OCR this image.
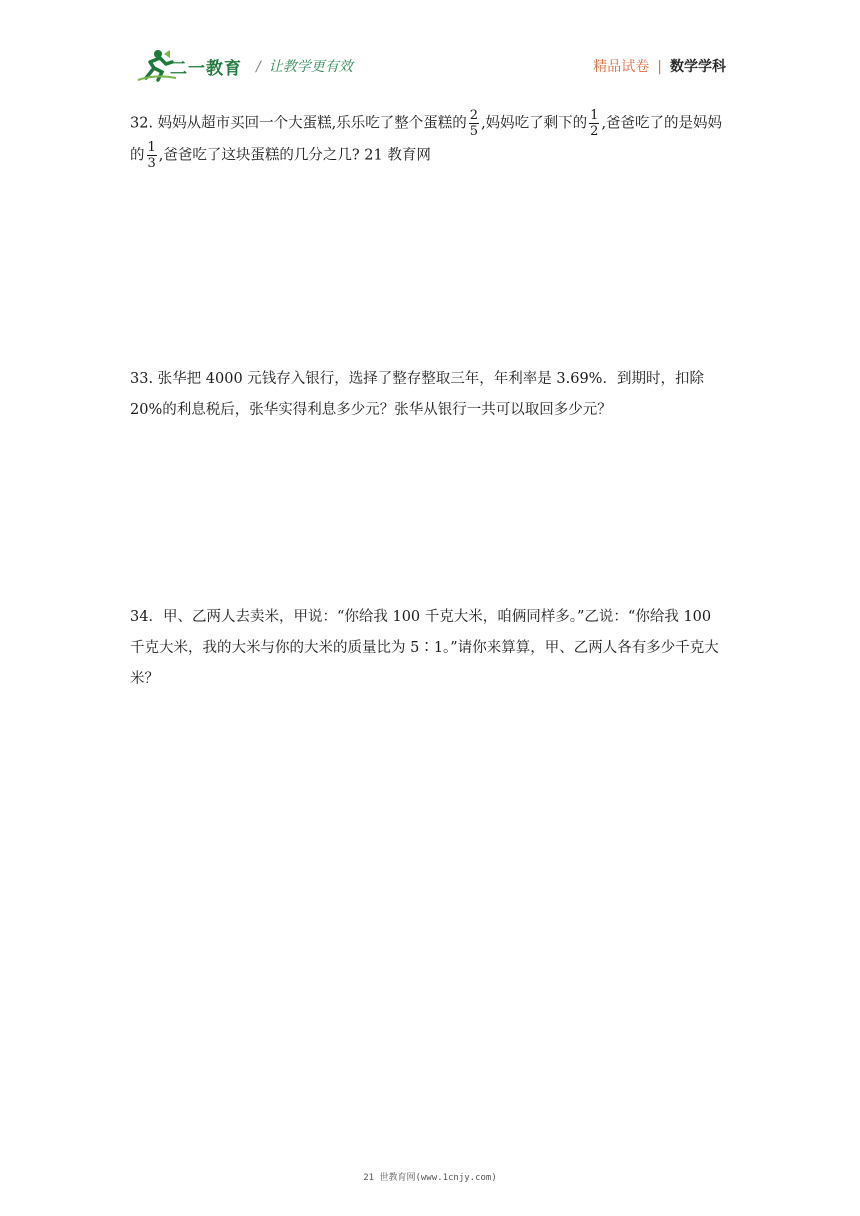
二一教育 / 让教学更有效	精品试卷 | 数学学科
32. 妈妈从超市买回一个大蛋糕,乐乐吃了整个蛋糕的 $\frac{2}{5}$ ,妈妈吃了剩下的 $\frac{1}{2}$ ,爸爸吃了的是妈妈的 $\frac{1}{3}$ ,爸爸吃了这块蛋糕的几分之几? 21 教育网
33. 张华把 4000 元钱存入银行，选择了整存整取三年，年利率是 3.69%．到期时，扣除 20%的利息税后，张华实得利息多少元？张华从银行一共可以取回多少元？
34．甲、乙两人去卖米，甲说：“你给我 100 千克大米，咱俩同样多。”乙说：“你给我 100 千克大米，我的大米与你的大米的质量比为 5∶1。”请你来算算，甲、乙两人各有多少千克大米？
21 世教育网(www.1cnjy.com)
